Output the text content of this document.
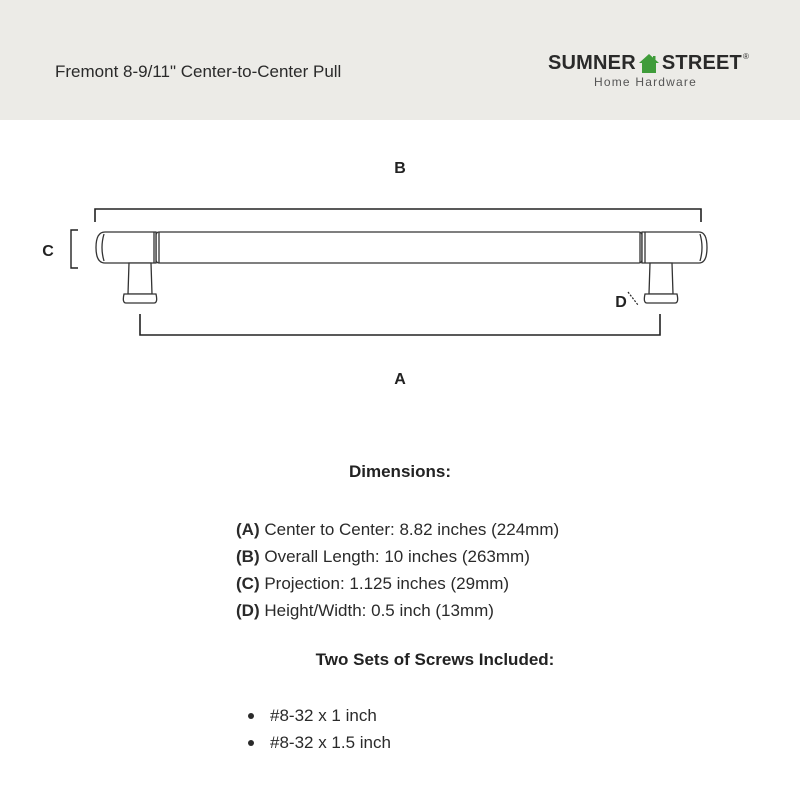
Fremont 8-9/11" Center-to-Center Pull	SUMNER STREET ®
Home Hardware
B
C
D
A
Dimensions:
(A) Center to Center: 8.82 inches (224mm)
(B) Overall Length: 10 inches (263mm)
(C) Projection: 1.125 inches (29mm)
(D) Height/Width: 0.5 inch (13mm)
Two Sets of Screws Included:
#8-32 x 1 inch
#8-32 x 1.5 inch
